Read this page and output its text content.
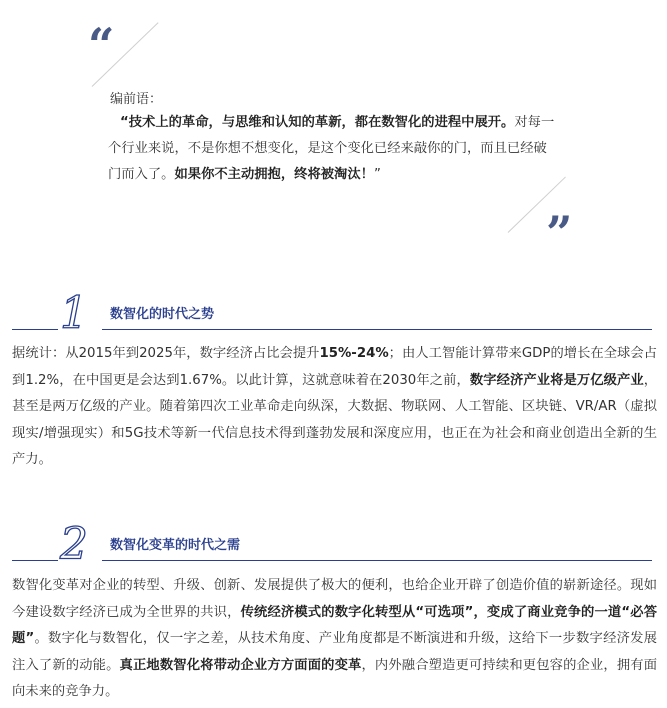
“
编前语：
“技术上的革命，与思维和认知的革新，都在数智化的进程中展开。对每一个行业来说，不是你想不想变化，是这个变化已经来敲你的门，而且已经破门而入了。如果你不主动拥抱，终将被淘汰！”
”
1 数智化的时代之势
据统计：从2015年到2025年，数字经济占比会提升15%-24%；由人工智能计算带来GDP的增长在全球会占到1.2%，在中国更是会达到1.67%。以此计算，这就意味着在2030年之前，数字经济产业将是万亿级产业，甚至是两万亿级的产业。随着第四次工业革命走向纵深，大数据、物联网、人工智能、区块链、VR/AR（虚拟现实/增强现实）和5G技术等新一代信息技术得到蓬勃发展和深度应用，也正在为社会和商业创造出全新的生产力。
2 数智化变革的时代之需
数智化变革对企业的转型、升级、创新、发展提供了极大的便利，也给企业开辟了创造价值的崭新途径。现如今建设数字经济已成为全世界的共识，传统经济模式的数字化转型从“可选项”，变成了商业竞争的一道“必答题”。数字化与数智化，仅一字之差，从技术角度、产业角度都是不断演进和升级，这给下一步数字经济发展注入了新的动能。真正地数智化将带动企业方方面面的变革，内外融合塑造更可持续和更包容的企业，拥有面向未来的竞争力。
